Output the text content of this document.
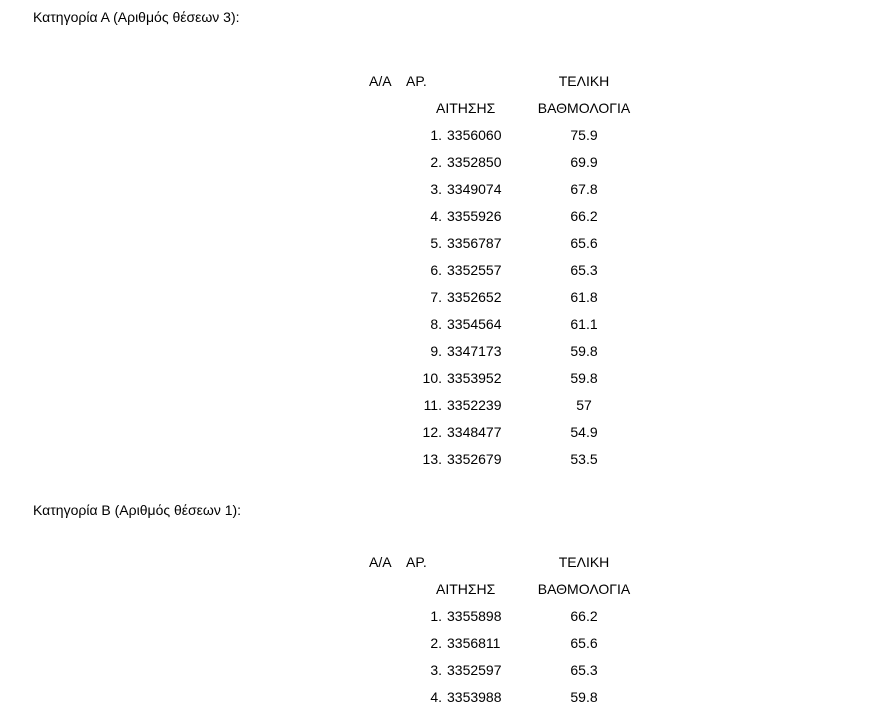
Κατηγορία Α (Αριθμός θέσεων 3):
Α/Α ΑΡ.	ΤΕΛΙΚΗ
ΑΙΤΗΣΗΣ	ΒΑΘΜΟΛΟΓΙΑ
1. 3356060	75.9
2. 3352850	69.9
3. 3349074	67.8
4. 3355926	66.2
5. 3356787	65.6
6. 3352557	65.3
7. 3352652	61.8
8. 3354564	61.1
9. 3347173	59.8
10. 3353952	59.8
11. 3352239	57
12. 3348477	54.9
13. 3352679	53.5
Κατηγορία Β (Αριθμός θέσεων 1):
Α/Α ΑΡ.	ΤΕΛΙΚΗ
ΑΙΤΗΣΗΣ	ΒΑΘΜΟΛΟΓΙΑ
1. 3355898	66.2
2. 3356811	65.6
3. 3352597	65.3
4. 3353988	59.8
